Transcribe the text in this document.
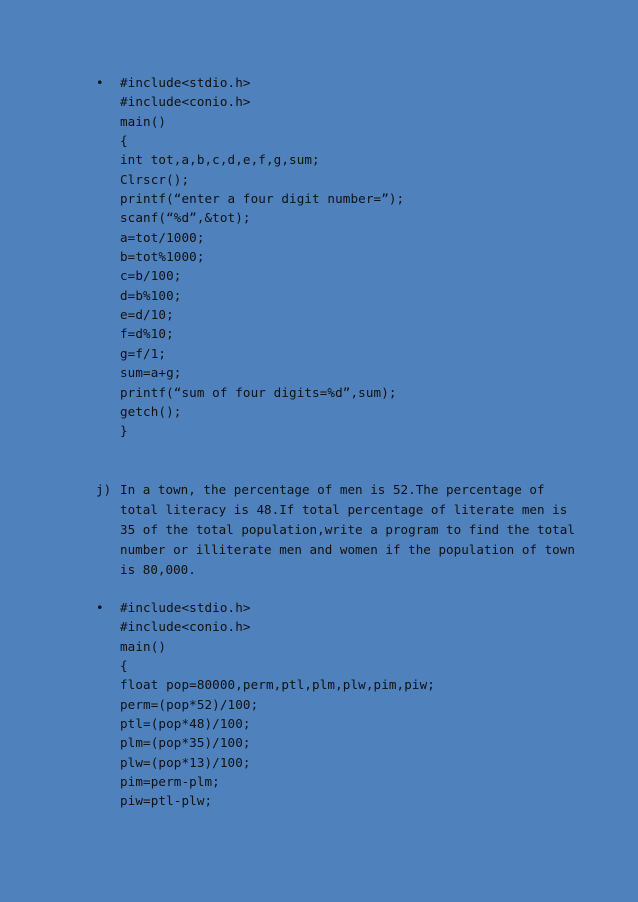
• #include<stdio.h>
#include<conio.h>
main()
{
int tot,a,b,c,d,e,f,g,sum;
Clrscr();
printf(“enter a four digit number=”);
scanf(“%d”,&tot);
a=tot/1000;
b=tot%1000;
c=b/100;
d=b%100;
e=d/10;
f=d%10;
g=f/1;
sum=a+g;
printf(“sum of four digits=%d”,sum);
getch();
}
j) In a town, the percentage of men is 52.The percentage of
total literacy is 48.If total percentage of literate men is
35 of the total population,write a program to find the total
number or illiterate men and women if the population of town
is 80,000.
• #include<stdio.h>
#include<conio.h>
main()
{
float pop=80000,perm,ptl,plm,plw,pim,piw;
perm=(pop*52)/100;
ptl=(pop*48)/100;
plm=(pop*35)/100;
plw=(pop*13)/100;
pim=perm-plm;
piw=ptl-plw;
